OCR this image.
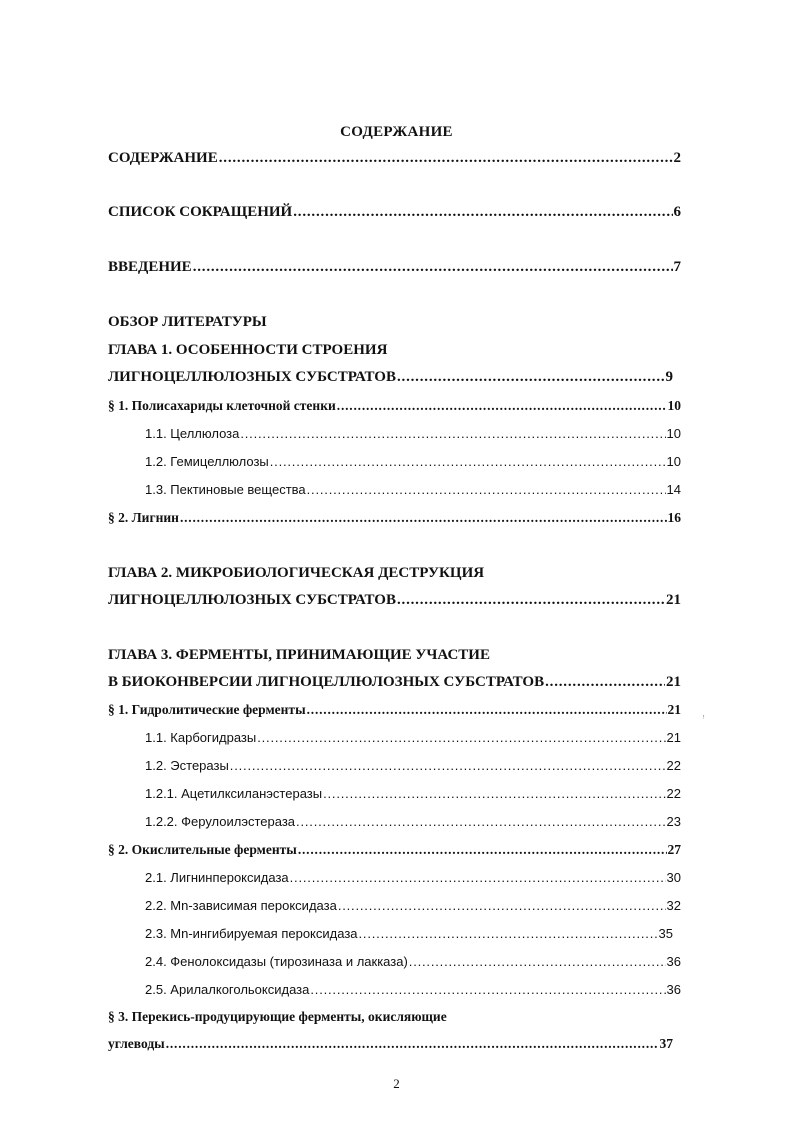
СОДЕРЖАНИЕ
СОДЕРЖАНИЕ .....	2
СПИСОК СОКРАЩЕНИЙ .....	6
ВВЕДЕНИЕ .....	7
ОБЗОР ЛИТЕРАТУРЫ
ГЛАВА 1. ОСОБЕННОСТИ СТРОЕНИЯ
ЛИГНОЦЕЛЛЮЛОЗНЫХ СУБСТРАТОВ .....	9
§ 1. Полисахариды клеточной стенки .....	10
1.1. Целлюлоза .....	10
1.2. Гемицеллюлозы .....	10
1.3. Пектиновые вещества .....	14
§ 2. Лигнин .....	16
ГЛАВА 2. МИКРОБИОЛОГИЧЕСКАЯ ДЕСТРУКЦИЯ
ЛИГНОЦЕЛЛЮЛОЗНЫХ СУБСТРАТОВ .....	21
ГЛАВА 3. ФЕРМЕНТЫ, ПРИНИМАЮЩИЕ УЧАСТИЕ
В БИОКОНВЕРСИИ ЛИГНОЦЕЛЛЮЛОЗНЫХ СУБСТРАТОВ .....	21
§ 1. Гидролитические ферменты .....	21
1.1. Карбогидразы .....	21
1.2. Эстеразы .....	22
1.2.1. Ацетилксиланэстеразы .....	22
1.2.2. Ферулоилэстераза .....	23
§ 2. Окислительные ферменты .....	27
2.1. Лигнинпероксидаза .....	30
2.2. Mn-зависимая пероксидаза .....	32
2.3. Mn-ингибируемая пероксидаза .....	35
2.4. Фенолоксидазы (тирозиназа и лакказа) .....	36
2.5. Арилалкогольоксидаза .....	36
§ 3. Перекись-продуцирующие ферменты, окисляющие
углеводы .....	37
ᵎ
2
